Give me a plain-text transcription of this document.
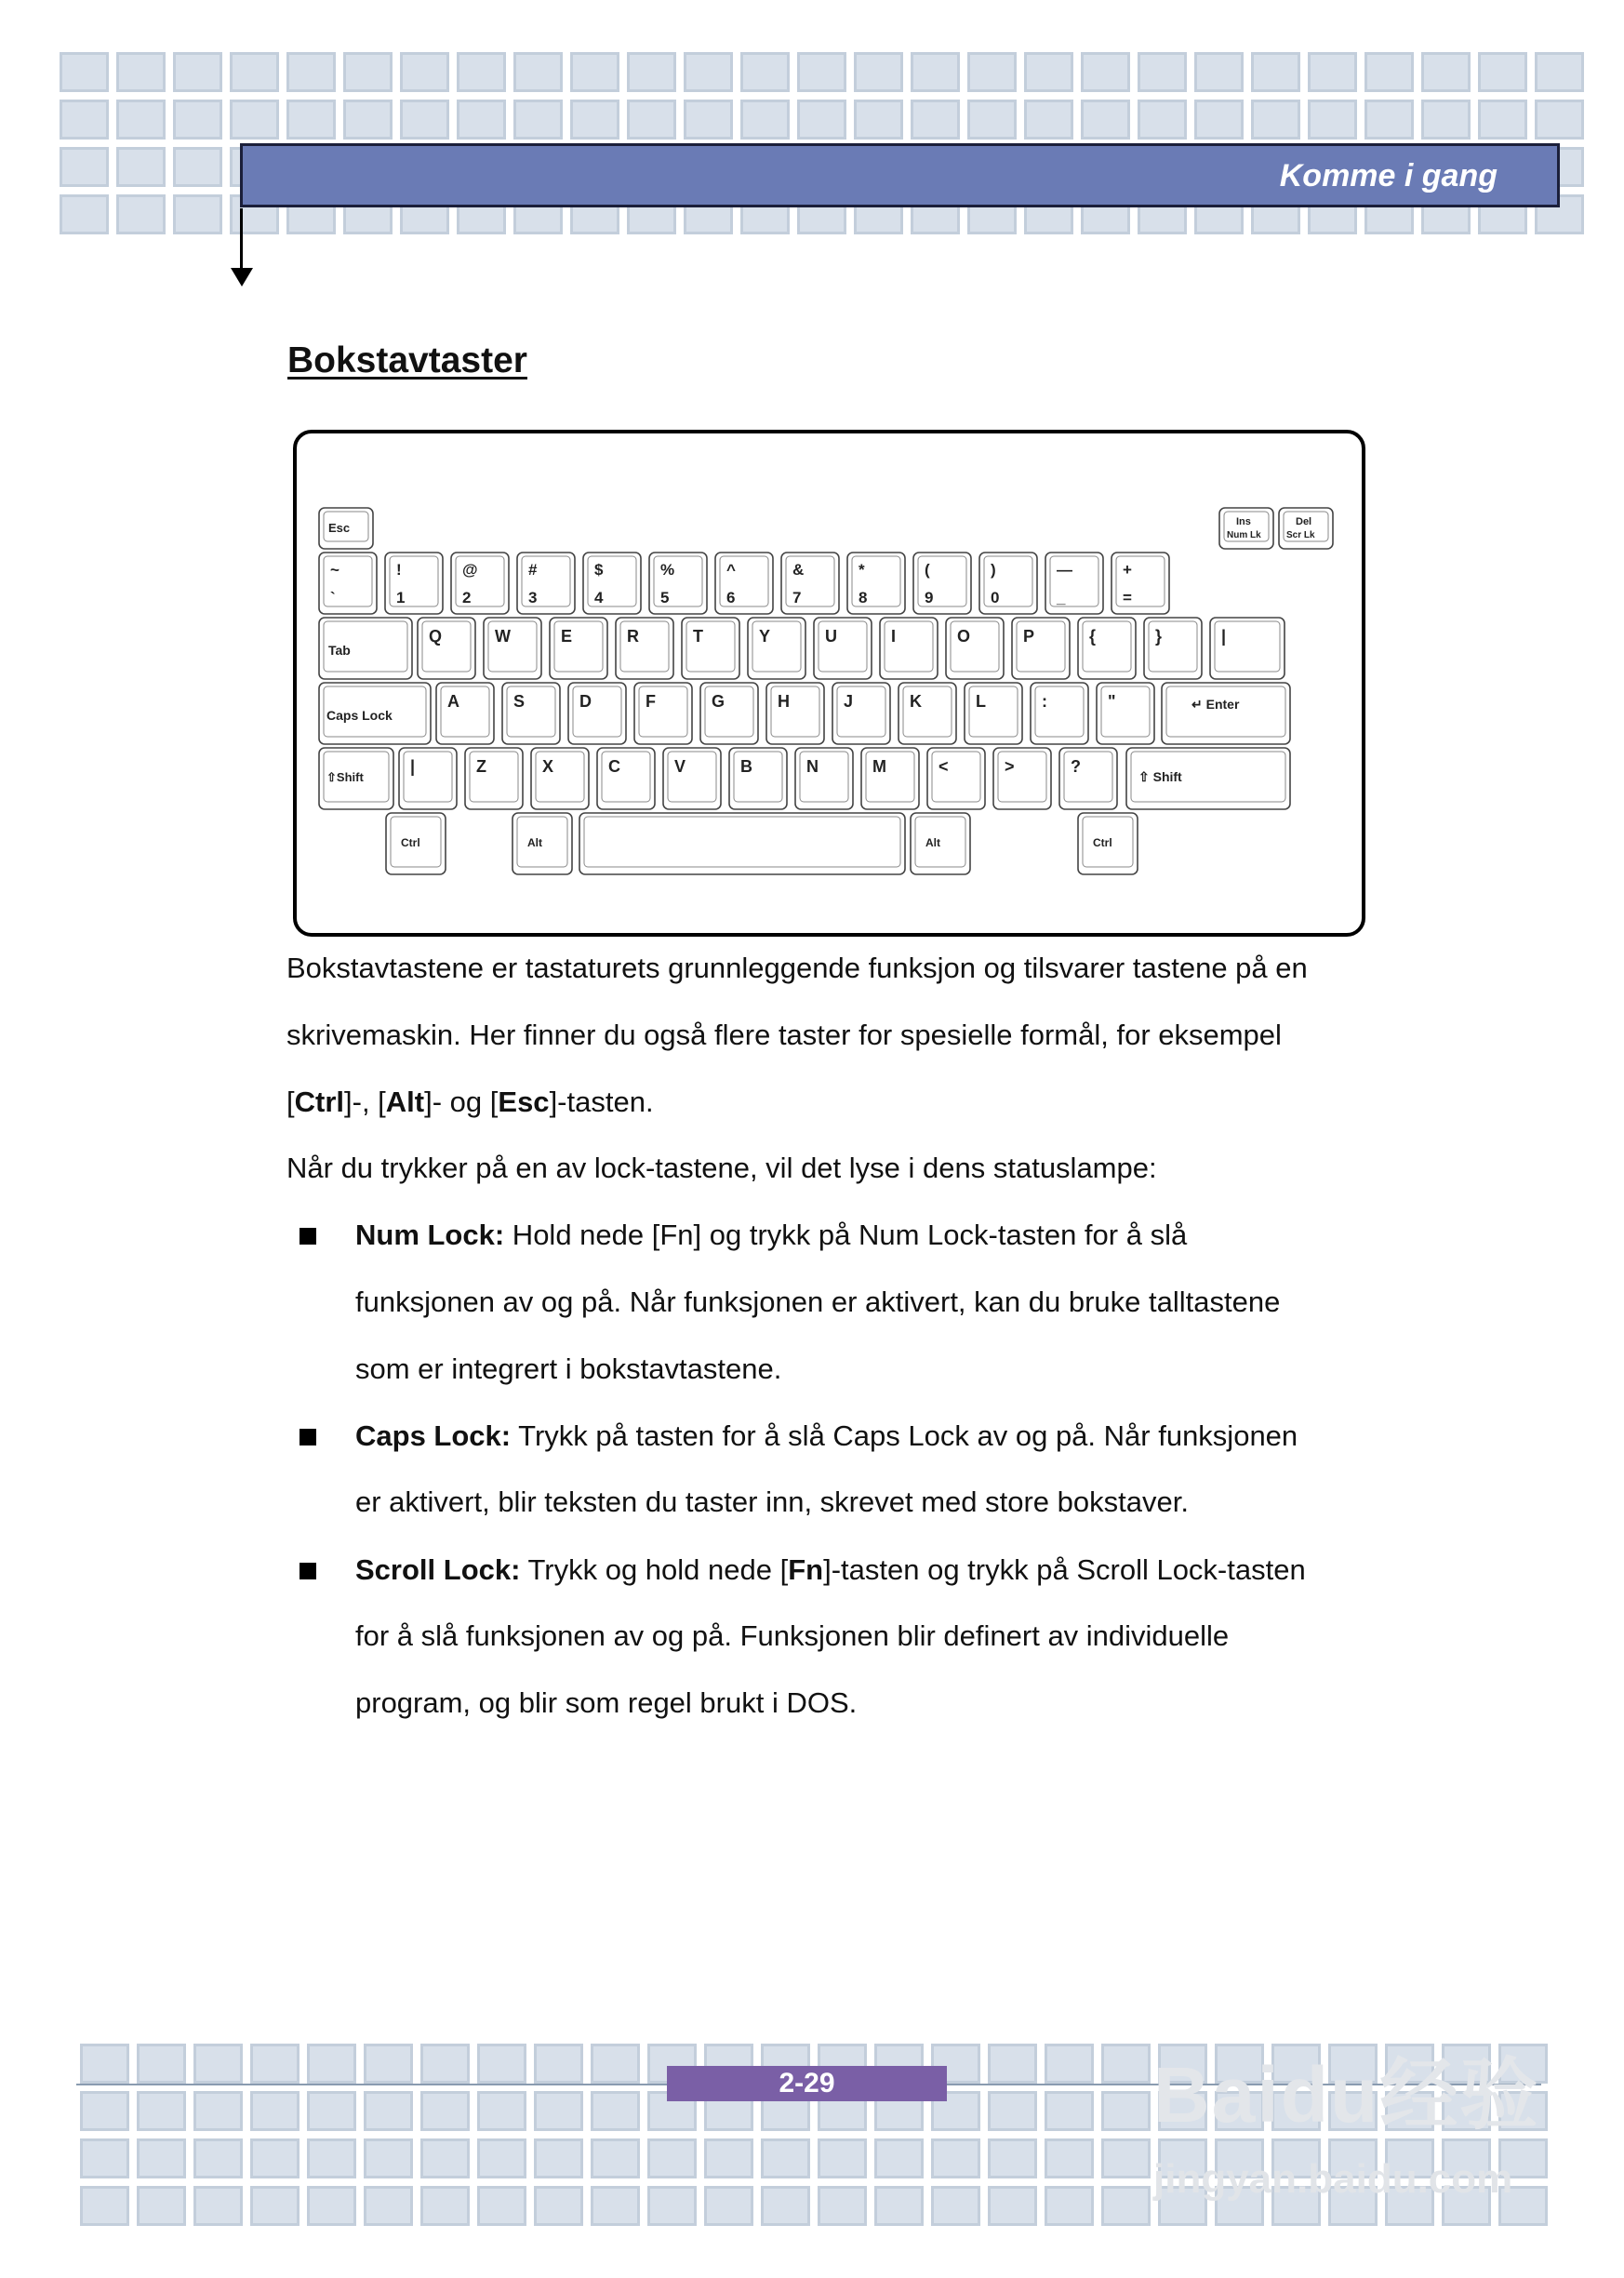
Komme i gang
Bokstavtaster
Esc	Ins
Num Lk
Del
Scr Lk
~
`
!
1
@
2
#
3
$
4
%
5
^
6
&
7
*
8
(
9
)
0
—
_
+
=
Tab
Q	W	E	R	T	Y	U	I	O	P	{	}	|
Caps Lock
A	S	D	F	G	H	J	K	L	:	"	↵ Enter
⇧Shift
|	Z	X	C	V	B	N	M	<	>	?
⇧ Shift
Ctrl	Alt	Alt	Ctrl
Bokstavtastene er tastaturets grunnleggende funksjon og tilsvarer tastene på en
skrivemaskin. Her finner du også flere taster for spesielle formål, for eksempel
[Ctrl]-, [Alt]- og [Esc]-tasten.
Når du trykker på en av lock-tastene, vil det lyse i dens statuslampe:
Num Lock: Hold nede [Fn] og trykk på Num Lock-tasten for å slå
funksjonen av og på. Når funksjonen er aktivert, kan du bruke talltastene
som er integrert i bokstavtastene.
Caps Lock: Trykk på tasten for å slå Caps Lock av og på. Når funksjonen
er aktivert, blir teksten du taster inn, skrevet med store bokstaver.
Scroll Lock: Trykk og hold nede [Fn]-tasten og trykk på Scroll Lock-tasten
for å slå funksjonen av og på. Funksjonen blir definert av individuelle
program, og blir som regel brukt i DOS.
2-29	Baidu经验
jingyan.baidu.com
